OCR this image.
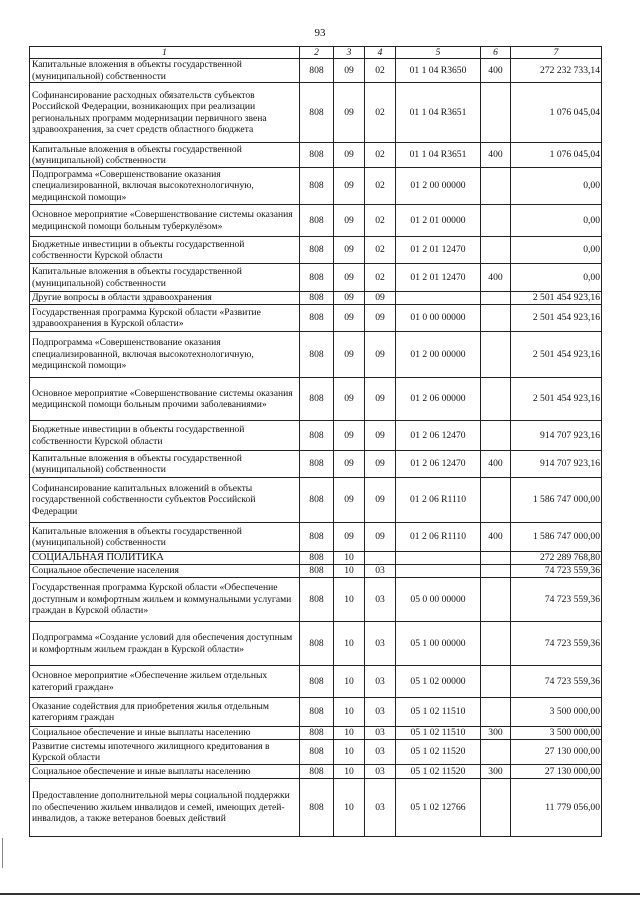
93
1	2	3	4	5	6	7
Капитальные вложения в объекты государственной (муниципальной) собственности	808	09	02	01 1 04 R3650	400	272 232 733,14
Софинансирование расходных обязательств субъектов Российской Федерации, возникающих при реализации региональных программ модернизации первичного звена здравоохранения, за счет средств областного бюджета	808	09	02	01 1 04 R3651		1 076 045,04
Капитальные вложения в объекты государственной (муниципальной) собственности	808	09	02	01 1 04 R3651	400	1 076 045,04
Подпрограмма «Совершенствование оказания специализированной, включая высокотехнологичную, медицинской помощи»	808	09	02	01 2 00 00000		0,00
Основное мероприятие «Совершенствование системы оказания медицинской помощи больным туберкулёзом»	808	09	02	01 2 01 00000		0,00
Бюджетные инвестиции в объекты государственной собственности Курской области	808	09	02	01 2 01 12470		0,00
Капитальные вложения в объекты государственной (муниципальной) собственности	808	09	02	01 2 01 12470	400	0,00
Другие вопросы в области здравоохранения	808	09	09			2 501 454 923,16
Государственная программа Курской области «Развитие здравоохранения в Курской области»	808	09	09	01 0 00 00000		2 501 454 923,16
Подпрограмма «Совершенствование оказания специализированной, включая высокотехнологичную, медицинской помощи»	808	09	09	01 2 00 00000		2 501 454 923,16
Основное мероприятие «Совершенствование системы оказания медицинской помощи больным прочими заболеваниями»	808	09	09	01 2 06 00000		2 501 454 923,16
Бюджетные инвестиции в объекты государственной собственности Курской области	808	09	09	01 2 06 12470		914 707 923,16
Капитальные вложения в объекты государственной (муниципальной) собственности	808	09	09	01 2 06 12470	400	914 707 923,16
Софинансирование капитальных вложений в объекты государственной собственности субъектов Российской Федерации	808	09	09	01 2 06 R1110		1 586 747 000,00
Капитальные вложения в объекты государственной (муниципальной) собственности	808	09	09	01 2 06 R1110	400	1 586 747 000,00
СОЦИАЛЬНАЯ ПОЛИТИКА	808	10				272 289 768,80
Социальное обеспечение населения	808	10	03			74 723 559,36
Государственная программа Курской области «Обеспечение доступным и комфортным жильем и коммунальными услугами граждан в Курской области»	808	10	03	05 0 00 00000		74 723 559,36
Подпрограмма «Создание условий для обеспечения доступным и комфортным жильем граждан в Курской области»	808	10	03	05 1 00 00000		74 723 559,36
Основное мероприятие «Обеспечение жильем отдельных категорий граждан»	808	10	03	05 1 02 00000		74 723 559,36
Оказание содействия для приобретения жилья отдельным категориям граждан	808	10	03	05 1 02 11510		3 500 000,00
Социальное обеспечение и иные выплаты населению	808	10	03	05 1 02 11510	300	3 500 000,00
Развитие системы ипотечного жилищного кредитования в Курской области	808	10	03	05 1 02 11520		27 130 000,00
Социальное обеспечение и иные выплаты населению	808	10	03	05 1 02 11520	300	27 130 000,00
Предоставление дополнительной меры социальной поддержки по обеспечению жильем инвалидов и семей, имеющих детей-инвалидов, а также ветеранов боевых действий	808	10	03	05 1 02 12766		11 779 056,00
